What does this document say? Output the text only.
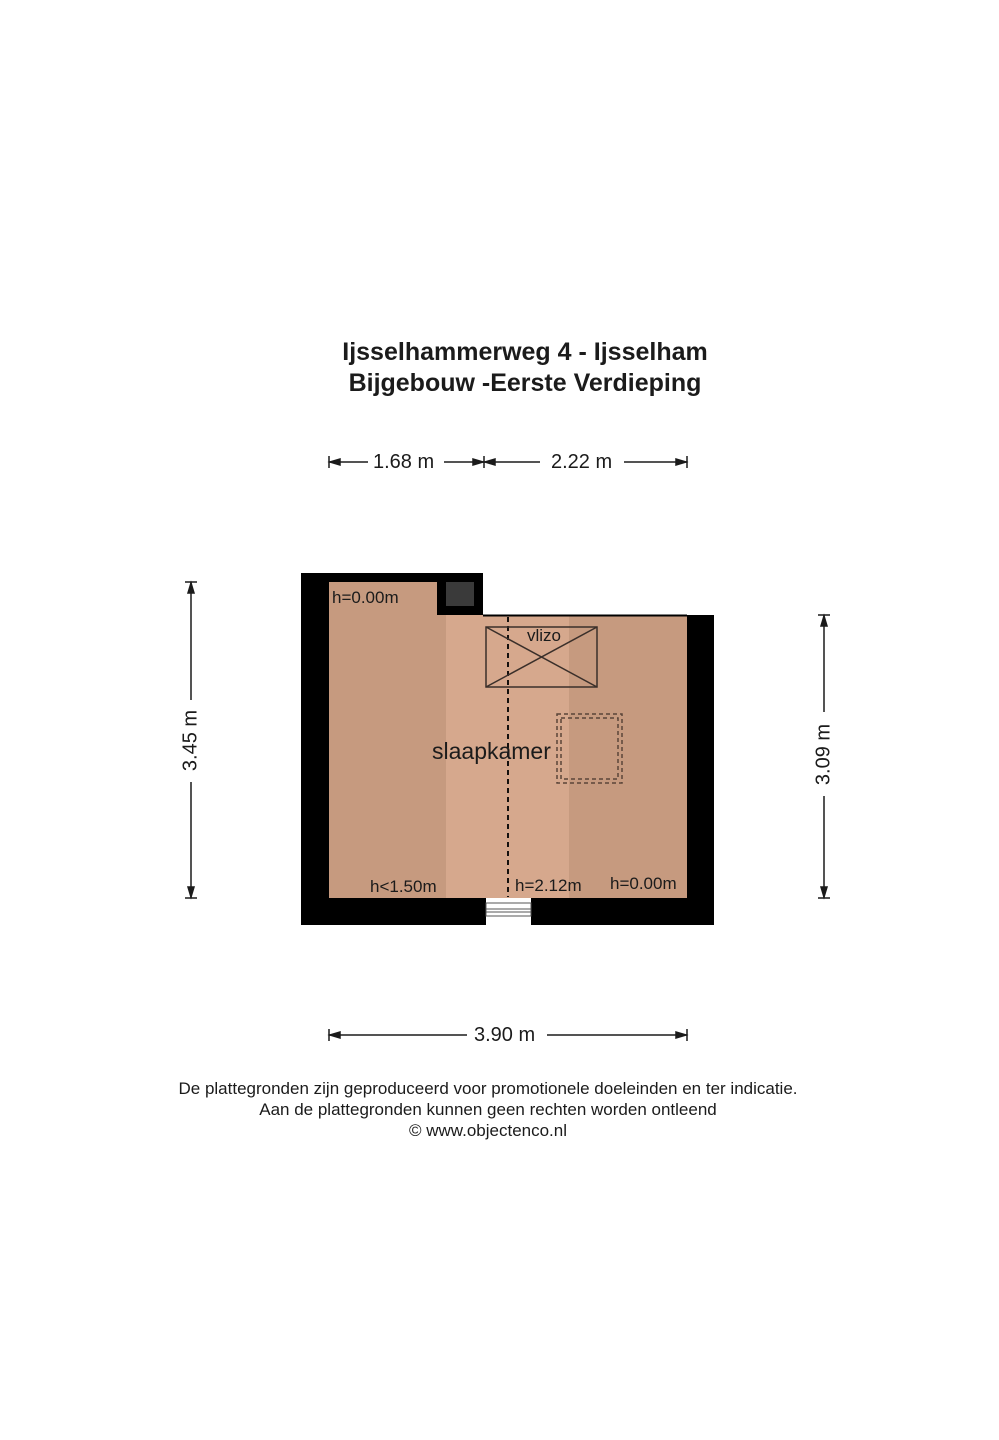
Ijsselhammerweg 4 - Ijsselham
Bijgebouw -Eerste Verdieping
1.68 m	2.22 m
3.90 m
3.45 m	3.09 m
h=0.00m
vlizo
slaapkamer
h<1.50m	h=2.12m h=0.00m
De plattegronden zijn geproduceerd voor promotionele doeleinden en ter indicatie.
Aan de plattegronden kunnen geen rechten worden ontleend
© www.objectenco.nl
